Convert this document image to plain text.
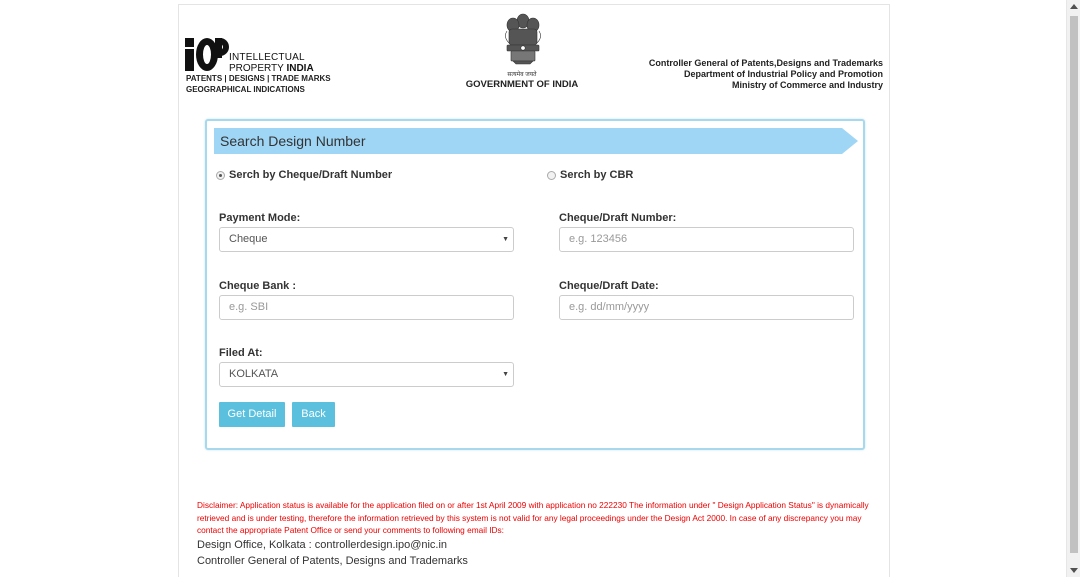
INTELLECTUAL
PROPERTY INDIA
PATENTS | DESIGNS | TRADE MARKS
GEOGRAPHICAL INDICATIONS
सत्यमेव जयते
GOVERNMENT OF INDIA
Controller General of Patents,Designs and Trademarks
Department of Industrial Policy and Promotion
Ministry of Commerce and Industry
Search Design Number
Serch by Cheque/Draft Number	Serch by CBR
Payment Mode:
Cheque	▼
Cheque/Draft Number:
e.g. 123456
Cheque Bank :
e.g. SBI
Cheque/Draft Date:
e.g. dd/mm/yyyy
Filed At:
KOLKATA	▼
Get Detail	Back
Disclaimer: Application status is available for the application filed on or after 1st April 2009 with application no 222230 The information under " Design Application Status" is dynamically retrieved and is under testing, therefore the information retrieved by this system is not valid for any legal proceedings under the Design Act 2000. In case of any discrepancy you may contact the appropriate Patent Office or send your comments to following email IDs:
Design Office, Kolkata : controllerdesign.ipo@nic.in
Controller General of Patents, Designs and Trademarks
